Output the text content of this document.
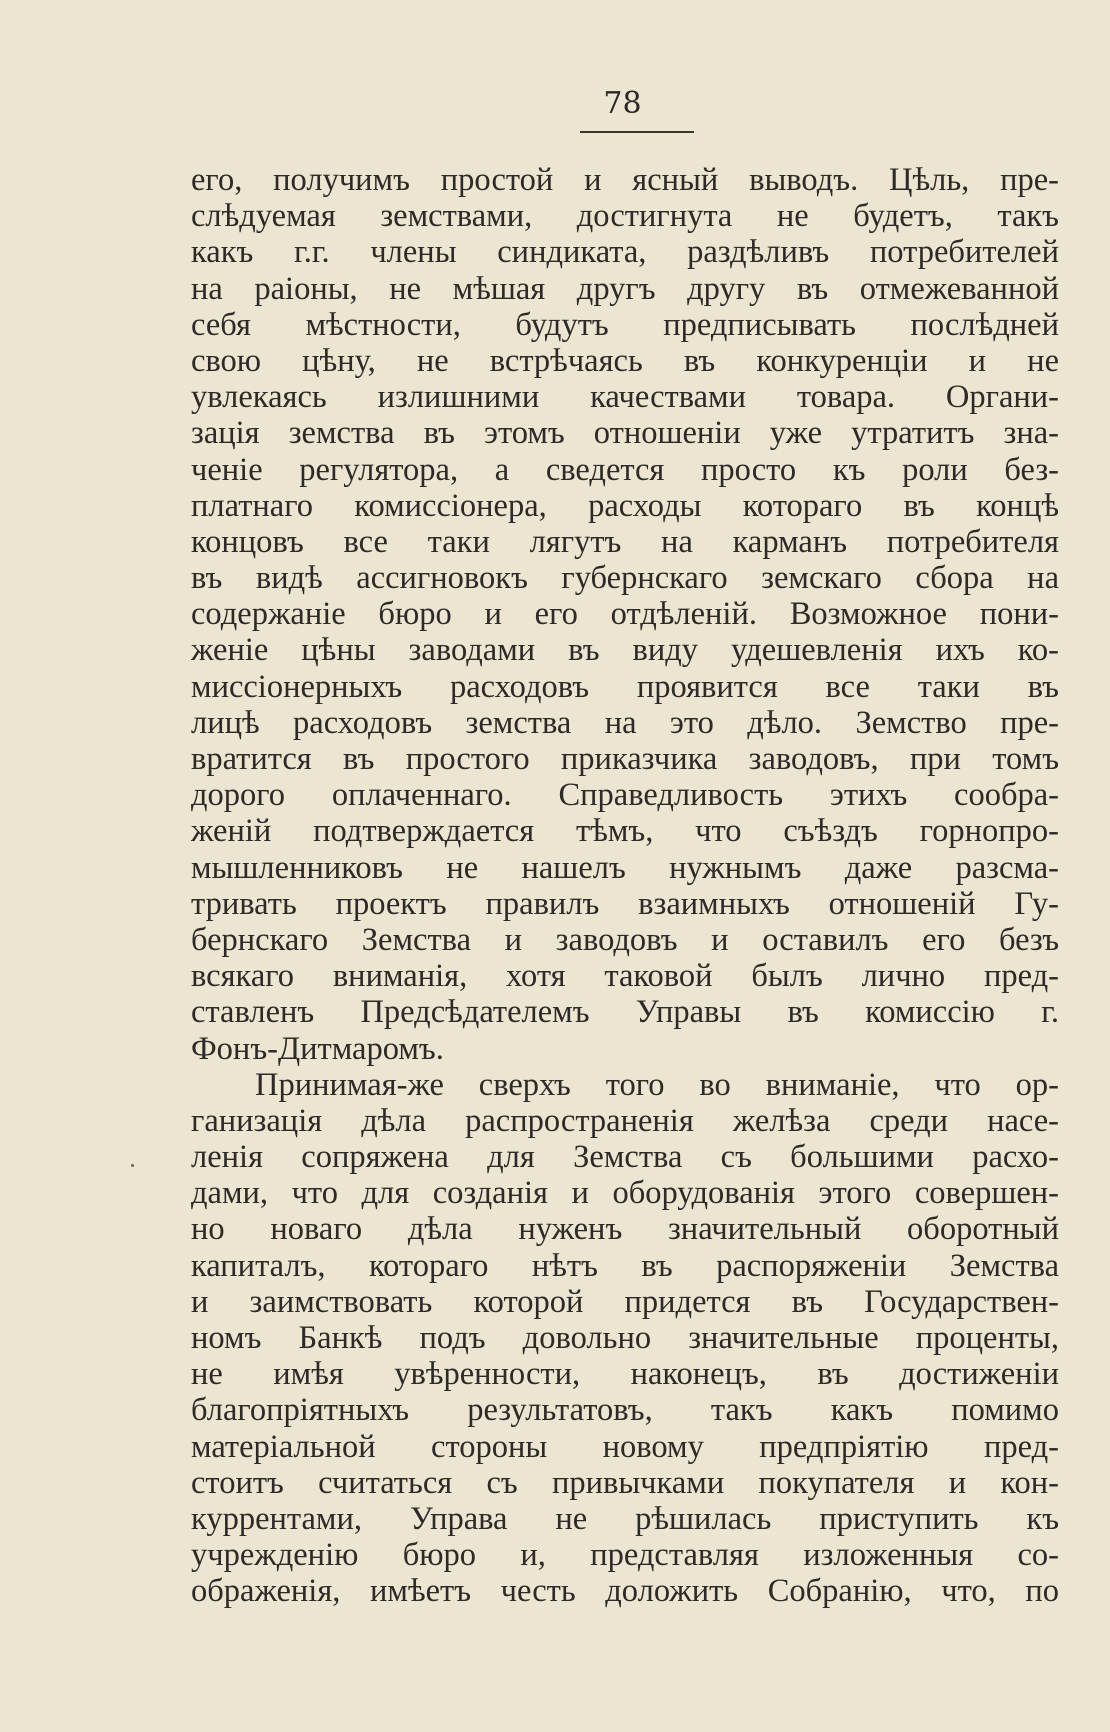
78
его, получимъ простой и ясный выводъ. Цѣль, пре-
слѣдуемая земствами, достигнута не будетъ, такъ
какъ г.г. члены синдиката, раздѣливъ потребителей
на раіоны, не мѣшая другъ другу въ отмежеванной
себя мѣстности, будутъ предписывать послѣдней
свою цѣну, не встрѣчаясь въ конкуренціи и не
увлекаясь излишними качествами товара. Органи-
зація земства въ этомъ отношеніи уже утратитъ зна-
ченіе регулятора, а сведется просто къ роли без-
платнаго комиссіонера, расходы котораго въ концѣ
концовъ все таки лягутъ на карманъ потребителя
въ видѣ ассигновокъ губернскаго земскаго сбора на
содержаніе бюро и его отдѣленій. Возможное пони-
женіе цѣны заводами въ виду удешевленія ихъ ко-
миссіонерныхъ расходовъ проявится все таки въ
лицѣ расходовъ земства на это дѣло. Земство пре-
вратится въ простого приказчика заводовъ, при томъ
дорого оплаченнаго. Справедливость этихъ сообра-
женій подтверждается тѣмъ, что съѣздъ горнопро-
мышленниковъ не нашелъ нужнымъ даже разсма-
тривать проектъ правилъ взаимныхъ отношеній Гу-
бернскаго Земства и заводовъ и оставилъ его безъ
всякаго вниманія, хотя таковой былъ лично пред-
ставленъ Предсѣдателемъ Управы въ комиссію г.
Фонъ-Дитмаромъ.
Принимая-же сверхъ того во вниманіе, что ор-
ганизація дѣла распространенія желѣза среди насе-
ленія сопряжена для Земства съ большими расхо-
дами, что для созданія и оборудованія этого совершен-
но новаго дѣла нуженъ значительный оборотный
капиталъ, котораго нѣтъ въ распоряженіи Земства
и заимствовать которой придется въ Государствен-
номъ Банкѣ подъ довольно значительные проценты,
не имѣя увѣренности, наконецъ, въ достиженіи
благопріятныхъ результатовъ, такъ какъ помимо
матеріальной стороны новому предпріятію пред-
стоитъ считаться съ привычками покупателя и кон-
куррентами, Управа не рѣшилась приступить къ
учрежденію бюро и, представляя изложенныя со-
ображенія, имѣетъ честь доложить Собранію, что, по
